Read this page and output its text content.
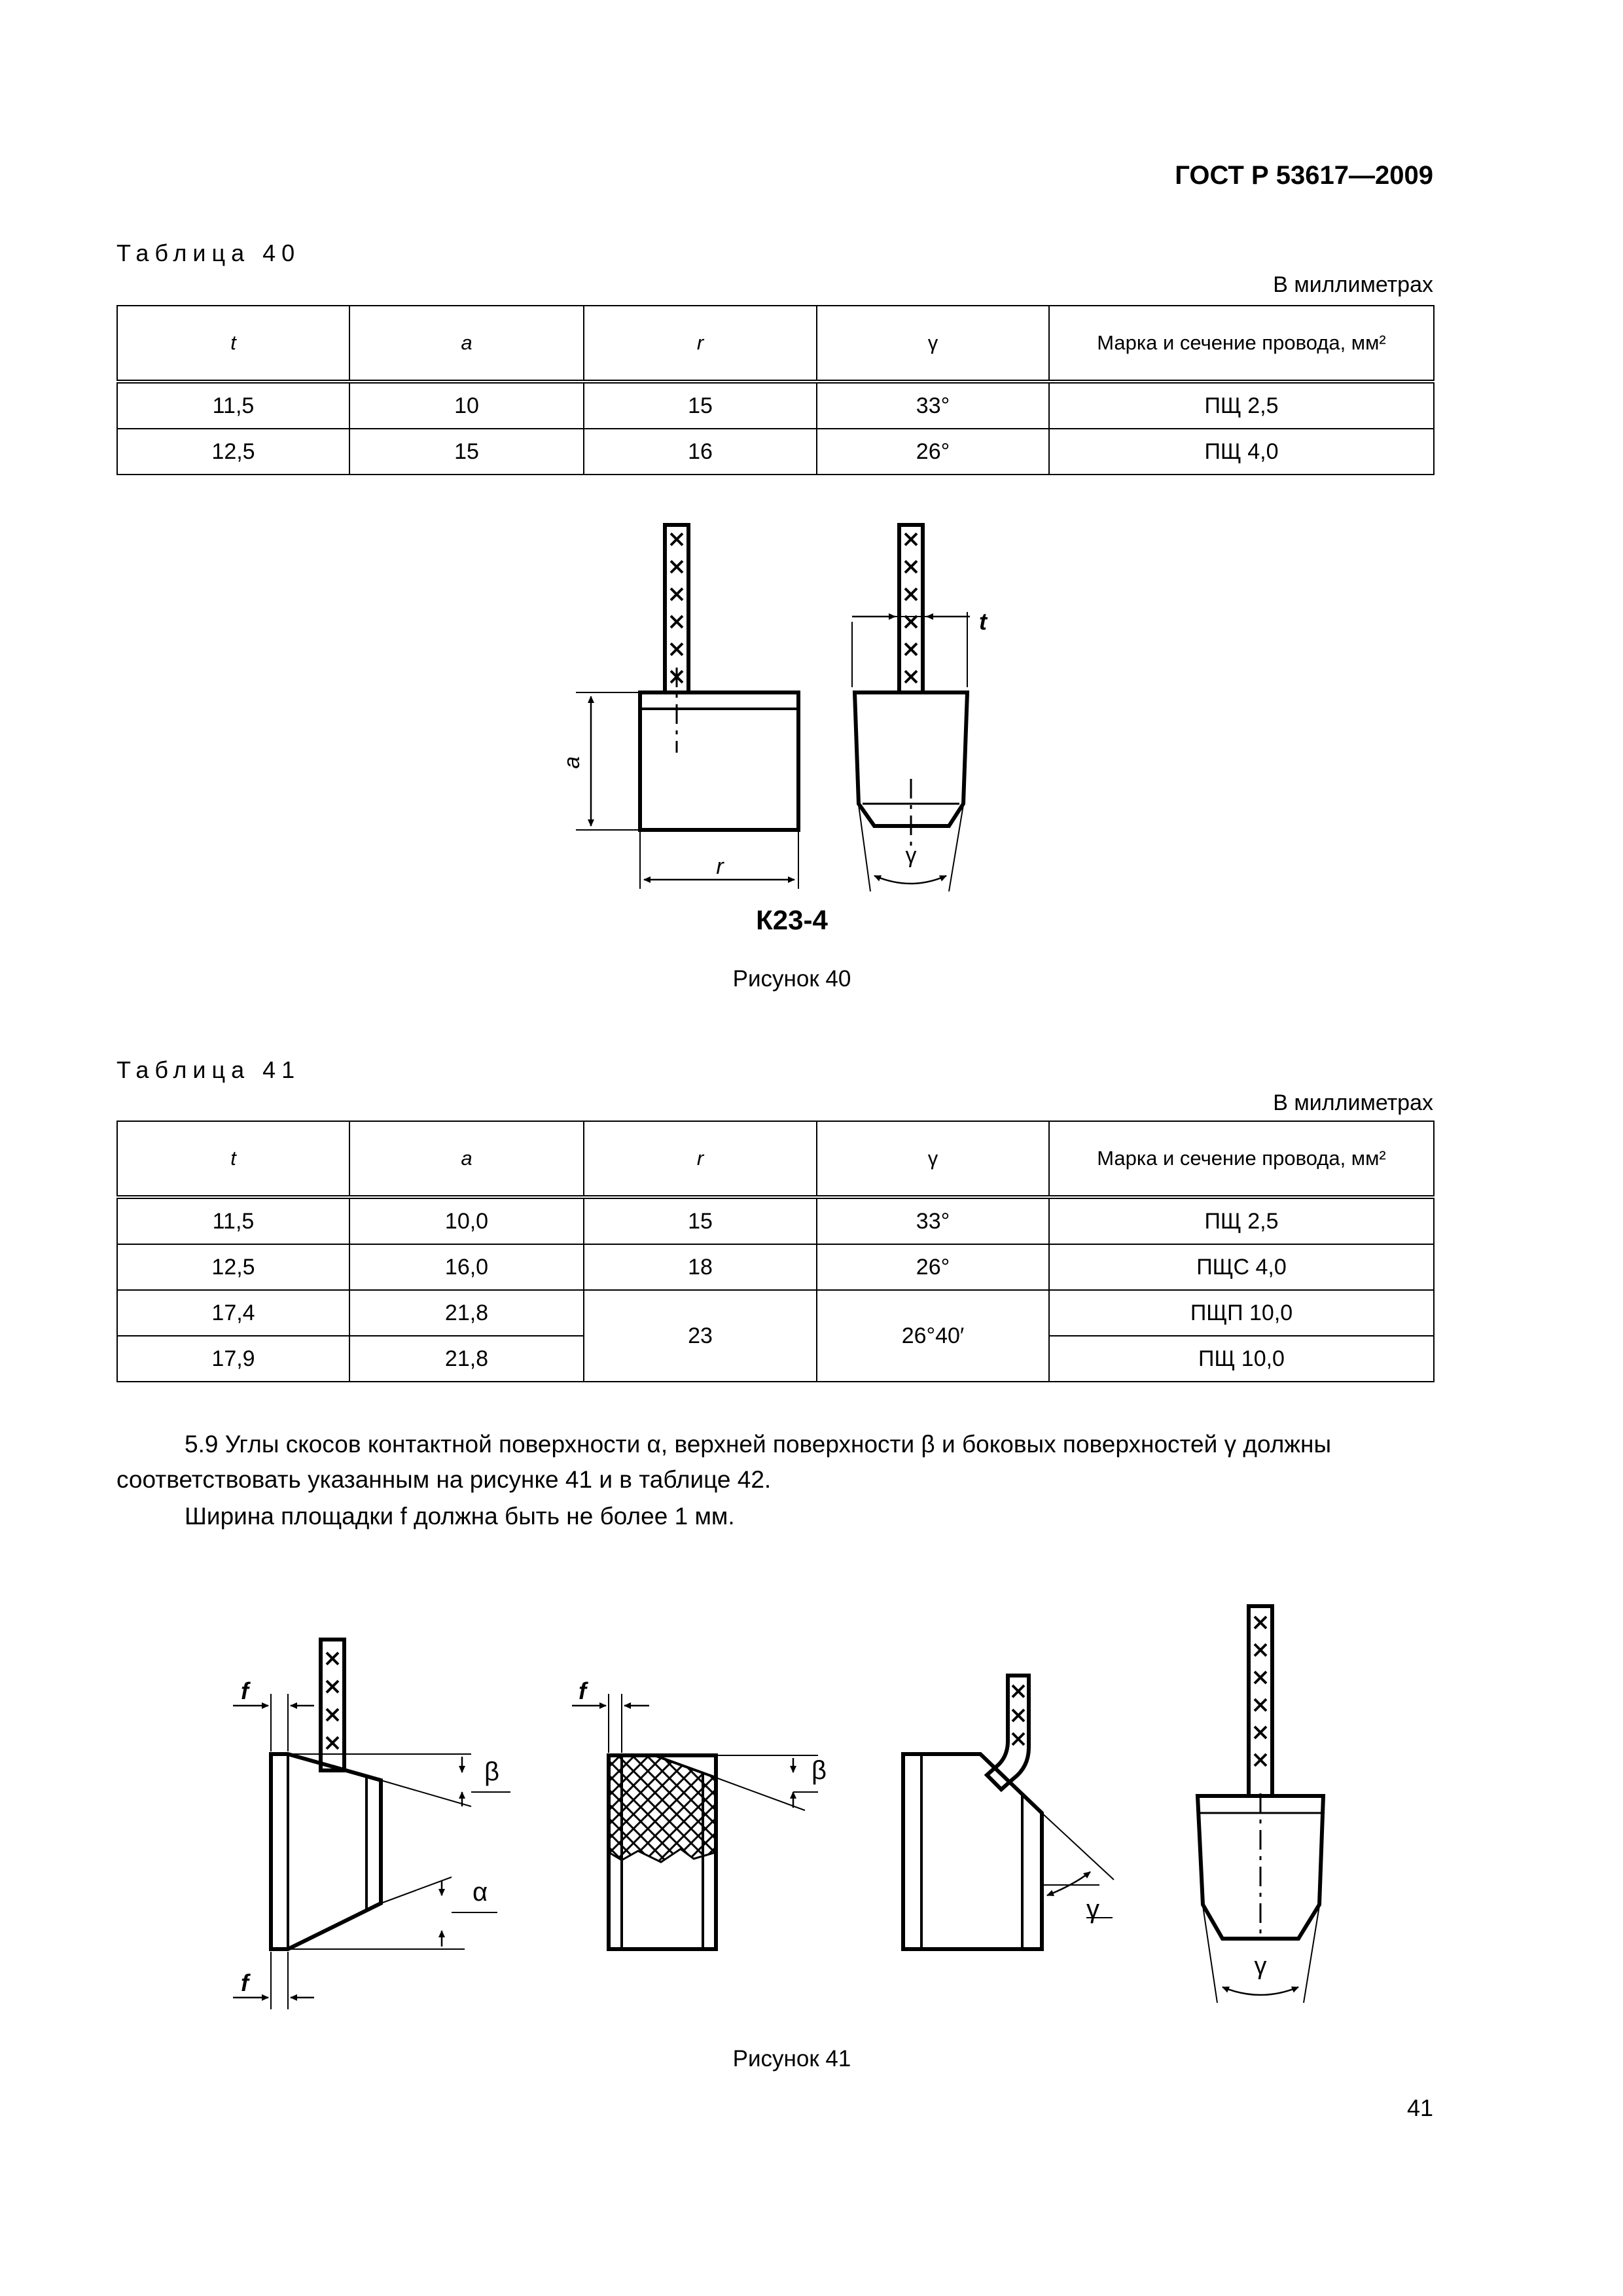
ГОСТ Р 53617—2009
Таблица 40
В миллиметрах
t	a	r	γ	Марка и сечение провода, мм²
11,5	10	15	33°	ПЩ 2,5
12,5	15	16	26°	ПЩ 4,0
a
r
t
γ
К23-4
Рисунок 40
Таблица 41
В миллиметрах
t	a	r	γ	Марка и сечение провода, мм²
11,5	10,0	15	33°	ПЩ 2,5
12,5	16,0	18	26°	ПЩС 4,0
17,4	21,8	23	26°40′	ПЩП 10,0
17,9	21,8			ПЩ 10,0
5.9 Углы скосов контактной поверхности α, верхней поверхности β и боковых поверхностей γ должны соответствовать указанным на рисунке 41 и в таблице 42.
Ширина площадки f должна быть не более 1 мм.
f
f
β
α
f
β
γ
γ
Рисунок 41
41
